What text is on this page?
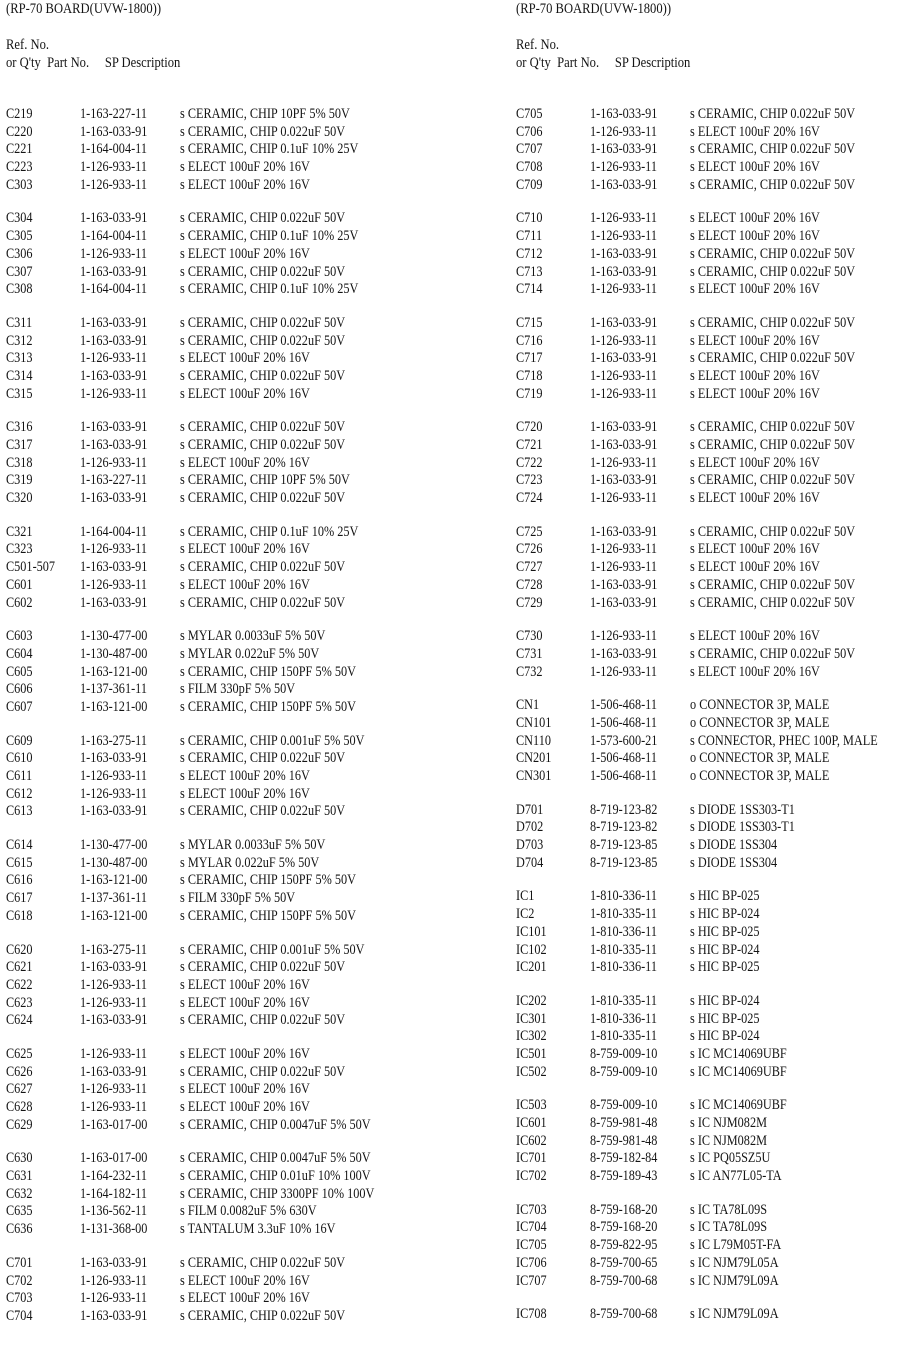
(RP-70 BOARD(UVW-1800))
Ref. No.
or Q'ty  Part No.     SP Description
C219	1-163-227-11 s CERAMIC, CHIP 10PF 5% 50V
C220	1-163-033-91 s CERAMIC, CHIP 0.022uF 50V
C221	1-164-004-11 s CERAMIC, CHIP 0.1uF 10% 25V
C223	1-126-933-11 s ELECT 100uF 20% 16V
C303	1-126-933-11 s ELECT 100uF 20% 16V
C304	1-163-033-91 s CERAMIC, CHIP 0.022uF 50V
C305	1-164-004-11 s CERAMIC, CHIP 0.1uF 10% 25V
C306	1-126-933-11 s ELECT 100uF 20% 16V
C307	1-163-033-91 s CERAMIC, CHIP 0.022uF 50V
C308	1-164-004-11 s CERAMIC, CHIP 0.1uF 10% 25V
C311	1-163-033-91 s CERAMIC, CHIP 0.022uF 50V
C312	1-163-033-91 s CERAMIC, CHIP 0.022uF 50V
C313	1-126-933-11 s ELECT 100uF 20% 16V
C314	1-163-033-91 s CERAMIC, CHIP 0.022uF 50V
C315	1-126-933-11 s ELECT 100uF 20% 16V
C316	1-163-033-91 s CERAMIC, CHIP 0.022uF 50V
C317	1-163-033-91 s CERAMIC, CHIP 0.022uF 50V
C318	1-126-933-11 s ELECT 100uF 20% 16V
C319	1-163-227-11 s CERAMIC, CHIP 10PF 5% 50V
C320	1-163-033-91 s CERAMIC, CHIP 0.022uF 50V
C321	1-164-004-11 s CERAMIC, CHIP 0.1uF 10% 25V
C323	1-126-933-11 s ELECT 100uF 20% 16V
C501-507 1-163-033-91 s CERAMIC, CHIP 0.022uF 50V
C601	1-126-933-11 s ELECT 100uF 20% 16V
C602	1-163-033-91 s CERAMIC, CHIP 0.022uF 50V
C603	1-130-477-00 s MYLAR 0.0033uF 5% 50V
C604	1-130-487-00 s MYLAR 0.022uF 5% 50V
C605	1-163-121-00 s CERAMIC, CHIP 150PF 5% 50V
C606	1-137-361-11 s FILM 330pF 5% 50V
C607	1-163-121-00 s CERAMIC, CHIP 150PF 5% 50V
C609	1-163-275-11 s CERAMIC, CHIP 0.001uF 5% 50V
C610	1-163-033-91 s CERAMIC, CHIP 0.022uF 50V
C611	1-126-933-11 s ELECT 100uF 20% 16V
C612	1-126-933-11 s ELECT 100uF 20% 16V
C613	1-163-033-91 s CERAMIC, CHIP 0.022uF 50V
C614	1-130-477-00 s MYLAR 0.0033uF 5% 50V
C615	1-130-487-00 s MYLAR 0.022uF 5% 50V
C616	1-163-121-00 s CERAMIC, CHIP 150PF 5% 50V
C617	1-137-361-11 s FILM 330pF 5% 50V
C618	1-163-121-00 s CERAMIC, CHIP 150PF 5% 50V
C620	1-163-275-11 s CERAMIC, CHIP 0.001uF 5% 50V
C621	1-163-033-91 s CERAMIC, CHIP 0.022uF 50V
C622	1-126-933-11 s ELECT 100uF 20% 16V
C623	1-126-933-11 s ELECT 100uF 20% 16V
C624	1-163-033-91 s CERAMIC, CHIP 0.022uF 50V
C625	1-126-933-11 s ELECT 100uF 20% 16V
C626	1-163-033-91 s CERAMIC, CHIP 0.022uF 50V
C627	1-126-933-11 s ELECT 100uF 20% 16V
C628	1-126-933-11 s ELECT 100uF 20% 16V
C629	1-163-017-00 s CERAMIC, CHIP 0.0047uF 5% 50V
C630	1-163-017-00 s CERAMIC, CHIP 0.0047uF 5% 50V
C631	1-164-232-11 s CERAMIC, CHIP 0.01uF 10% 100V
C632	1-164-182-11 s CERAMIC, CHIP 3300PF 10% 100V
C635	1-136-562-11 s FILM 0.0082uF 5% 630V
C636	1-131-368-00 s TANTALUM 3.3uF 10% 16V
C701	1-163-033-91 s CERAMIC, CHIP 0.022uF 50V
C702	1-126-933-11 s ELECT 100uF 20% 16V
C703	1-126-933-11 s ELECT 100uF 20% 16V
C704	1-163-033-91 s CERAMIC, CHIP 0.022uF 50V
(RP-70 BOARD(UVW-1800))
Ref. No.
or Q'ty  Part No.     SP Description
C705	1-163-033-91 s CERAMIC, CHIP 0.022uF 50V
C706	1-126-933-11 s ELECT 100uF 20% 16V
C707	1-163-033-91 s CERAMIC, CHIP 0.022uF 50V
C708	1-126-933-11 s ELECT 100uF 20% 16V
C709	1-163-033-91 s CERAMIC, CHIP 0.022uF 50V
C710	1-126-933-11 s ELECT 100uF 20% 16V
C711	1-126-933-11 s ELECT 100uF 20% 16V
C712	1-163-033-91 s CERAMIC, CHIP 0.022uF 50V
C713	1-163-033-91 s CERAMIC, CHIP 0.022uF 50V
C714	1-126-933-11 s ELECT 100uF 20% 16V
C715	1-163-033-91 s CERAMIC, CHIP 0.022uF 50V
C716	1-126-933-11 s ELECT 100uF 20% 16V
C717	1-163-033-91 s CERAMIC, CHIP 0.022uF 50V
C718	1-126-933-11 s ELECT 100uF 20% 16V
C719	1-126-933-11 s ELECT 100uF 20% 16V
C720	1-163-033-91 s CERAMIC, CHIP 0.022uF 50V
C721	1-163-033-91 s CERAMIC, CHIP 0.022uF 50V
C722	1-126-933-11 s ELECT 100uF 20% 16V
C723	1-163-033-91 s CERAMIC, CHIP 0.022uF 50V
C724	1-126-933-11 s ELECT 100uF 20% 16V
C725	1-163-033-91 s CERAMIC, CHIP 0.022uF 50V
C726	1-126-933-11 s ELECT 100uF 20% 16V
C727	1-126-933-11 s ELECT 100uF 20% 16V
C728	1-163-033-91 s CERAMIC, CHIP 0.022uF 50V
C729	1-163-033-91 s CERAMIC, CHIP 0.022uF 50V
C730	1-126-933-11 s ELECT 100uF 20% 16V
C731	1-163-033-91 s CERAMIC, CHIP 0.022uF 50V
C732	1-126-933-11 s ELECT 100uF 20% 16V
CN1	1-506-468-11 o CONNECTOR 3P, MALE
CN101	1-506-468-11 o CONNECTOR 3P, MALE
CN110	1-573-600-21 s CONNECTOR, PHEC 100P, MALE
CN201	1-506-468-11 o CONNECTOR 3P, MALE
CN301	1-506-468-11 o CONNECTOR 3P, MALE
D701	8-719-123-82 s DIODE 1SS303-T1
D702	8-719-123-82 s DIODE 1SS303-T1
D703	8-719-123-85 s DIODE 1SS304
D704	8-719-123-85 s DIODE 1SS304
IC1	1-810-336-11 s HIC BP-025
IC2	1-810-335-11 s HIC BP-024
IC101	1-810-336-11 s HIC BP-025
IC102	1-810-335-11 s HIC BP-024
IC201	1-810-336-11 s HIC BP-025
IC202	1-810-335-11 s HIC BP-024
IC301	1-810-336-11 s HIC BP-025
IC302	1-810-335-11 s HIC BP-024
IC501	8-759-009-10 s IC MC14069UBF
IC502	8-759-009-10 s IC MC14069UBF
IC503	8-759-009-10 s IC MC14069UBF
IC601	8-759-981-48 s IC NJM082M
IC602	8-759-981-48 s IC NJM082M
IC701	8-759-182-84 s IC PQ05SZ5U
IC702	8-759-189-43 s IC AN77L05-TA
IC703	8-759-168-20 s IC TA78L09S
IC704	8-759-168-20 s IC TA78L09S
IC705	8-759-822-95 s IC L79M05T-FA
IC706	8-759-700-65 s IC NJM79L05A
IC707	8-759-700-68 s IC NJM79L09A
IC708	8-759-700-68 s IC NJM79L09A
